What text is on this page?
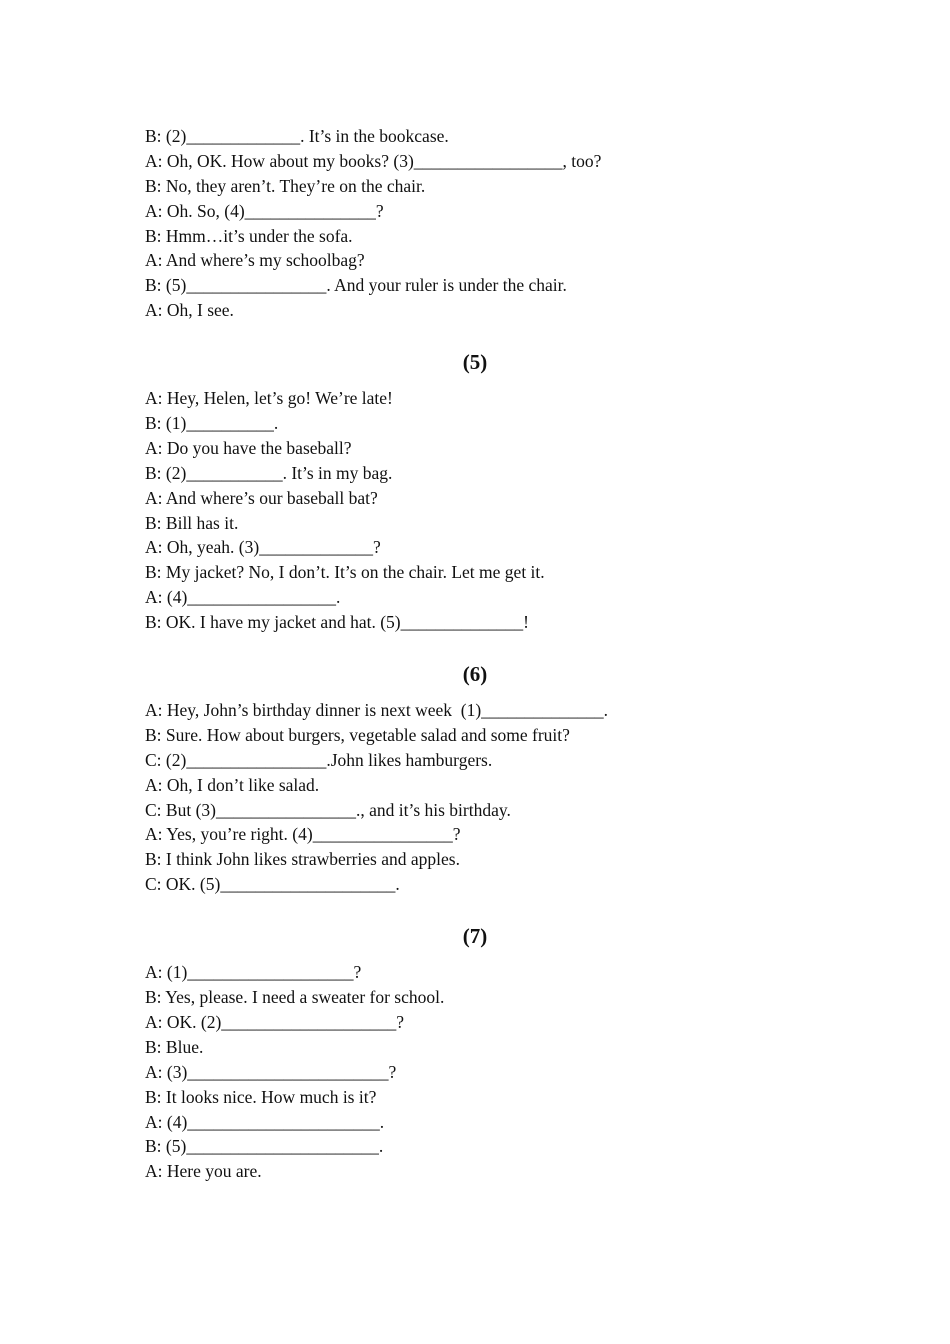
B: (2)_____________. It’s in the bookcase.
A: Oh, OK. How about my books? (3)_________________, too?
B: No, they aren’t. They’re on the chair.
A: Oh. So, (4)_______________?
B: Hmm…it’s under the sofa.
A: And where’s my schoolbag?
B: (5)________________. And your ruler is under the chair.
A: Oh, I see.
(5)
A: Hey, Helen, let’s go! We’re late!
B: (1)__________.
A: Do you have the baseball?
B: (2)___________. It’s in my bag.
A: And where’s our baseball bat?
B: Bill has it.
A: Oh, yeah. (3)_____________?
B: My jacket? No, I don’t. It’s on the chair. Let me get it.
A: (4)_________________.
B: OK. I have my jacket and hat. (5)______________!
(6)
A: Hey, John’s birthday dinner is next week  (1)______________.
B: Sure. How about burgers, vegetable salad and some fruit?
C: (2)________________.John likes hamburgers.
A: Oh, I don’t like salad.
C: But (3)________________., and it’s his birthday.
A: Yes, you’re right. (4)________________?
B: I think John likes strawberries and apples.
C: OK. (5)____________________.
(7)
A: (1)___________________?
B: Yes, please. I need a sweater for school.
A: OK. (2)____________________?
B: Blue.
A: (3)_______________________?
B: It looks nice. How much is it?
A: (4)______________________.
B: (5)______________________.
A: Here you are.
